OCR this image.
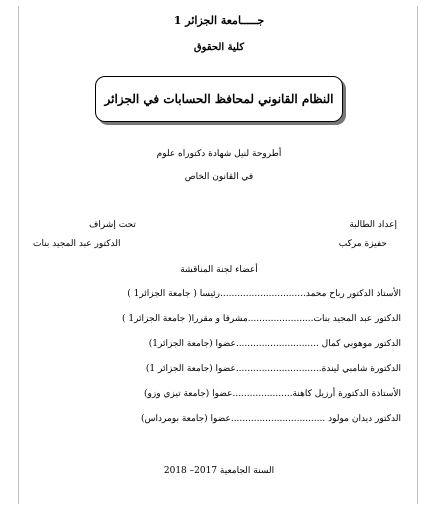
جـــــامعة الجزائر 1
كلية الحقوق
النظام القانوني لمحافظ الحسابات في الجزائر
أطروحة لنيل شهادة دكتوراه علوم
في القانون الخاص
إعداد الطالبة
حفيزة مركب
تحت إشراف
الدكتور عبد المجيد بنات
أعضاء لجنة المناقشة
الأستاذ الدكتور رباح محمد..............................رئيسا ( جامعة الجزائر1 )
الدكتور عبد المجيد بنات.......................مشرفا و مقررا( جامعة الجزائر1 )
الدكتور موهوبي كمال .............................عضوا (جامعة الجزائر1)
الدكتورة شامبي ليندة..............................عضوا (جامعة الجزائر 1)
الأستاذة الدكتورة أرزيل كاهنة.....................عضوا (جامعة تيزي وزو)
الدكتور ديدان مولود .................................عضوا (جامعة بومرداس)
السنة الجامعية 2017– 2018
